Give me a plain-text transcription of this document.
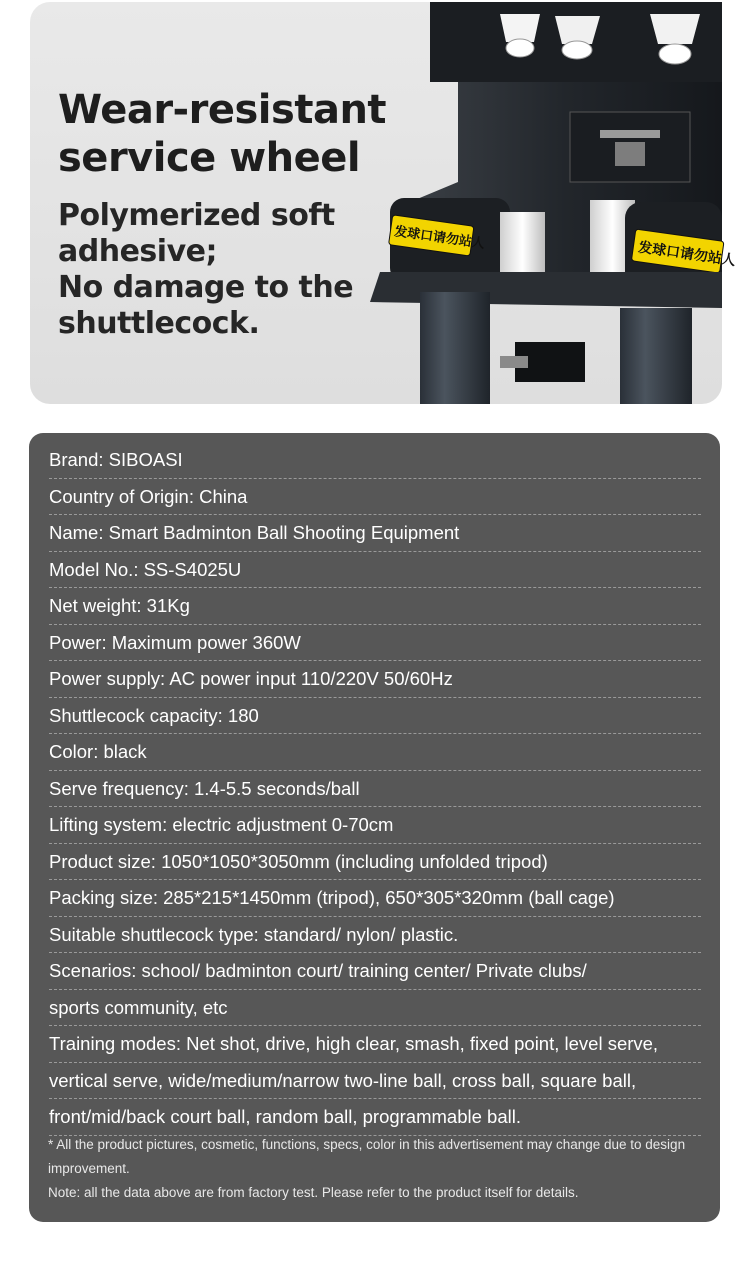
Wear-resistant
service wheel
Polymerized soft
adhesive;
No damage to the
shuttlecock.
发球口请勿站人
发球口请勿站人
Brand: SIBOASI
Country of Origin: China
Name: Smart Badminton Ball Shooting Equipment
Model No.: SS-S4025U
Net weight: 31Kg
Power: Maximum power 360W
Power supply: AC power input 110/220V 50/60Hz
Shuttlecock capacity: 180
Color: black
Serve frequency: 1.4-5.5 seconds/ball
Lifting system: electric adjustment 0-70cm
Product size: 1050*1050*3050mm (including unfolded tripod)
Packing size: 285*215*1450mm (tripod), 650*305*320mm (ball cage)
Suitable shuttlecock type: standard/ nylon/ plastic.
Scenarios: school/ badminton court/ training center/ Private clubs/
sports community, etc
Training modes: Net shot, drive, high clear, smash, fixed point, level serve,
vertical serve, wide/medium/narrow two-line ball, cross ball, square ball,
front/mid/back court ball, random ball, programmable ball.

* All the product pictures, cosmetic, functions, specs, color in this advertisement may change due to design improvement.

Note: all the data above are from factory test. Please refer to the product itself for details.
